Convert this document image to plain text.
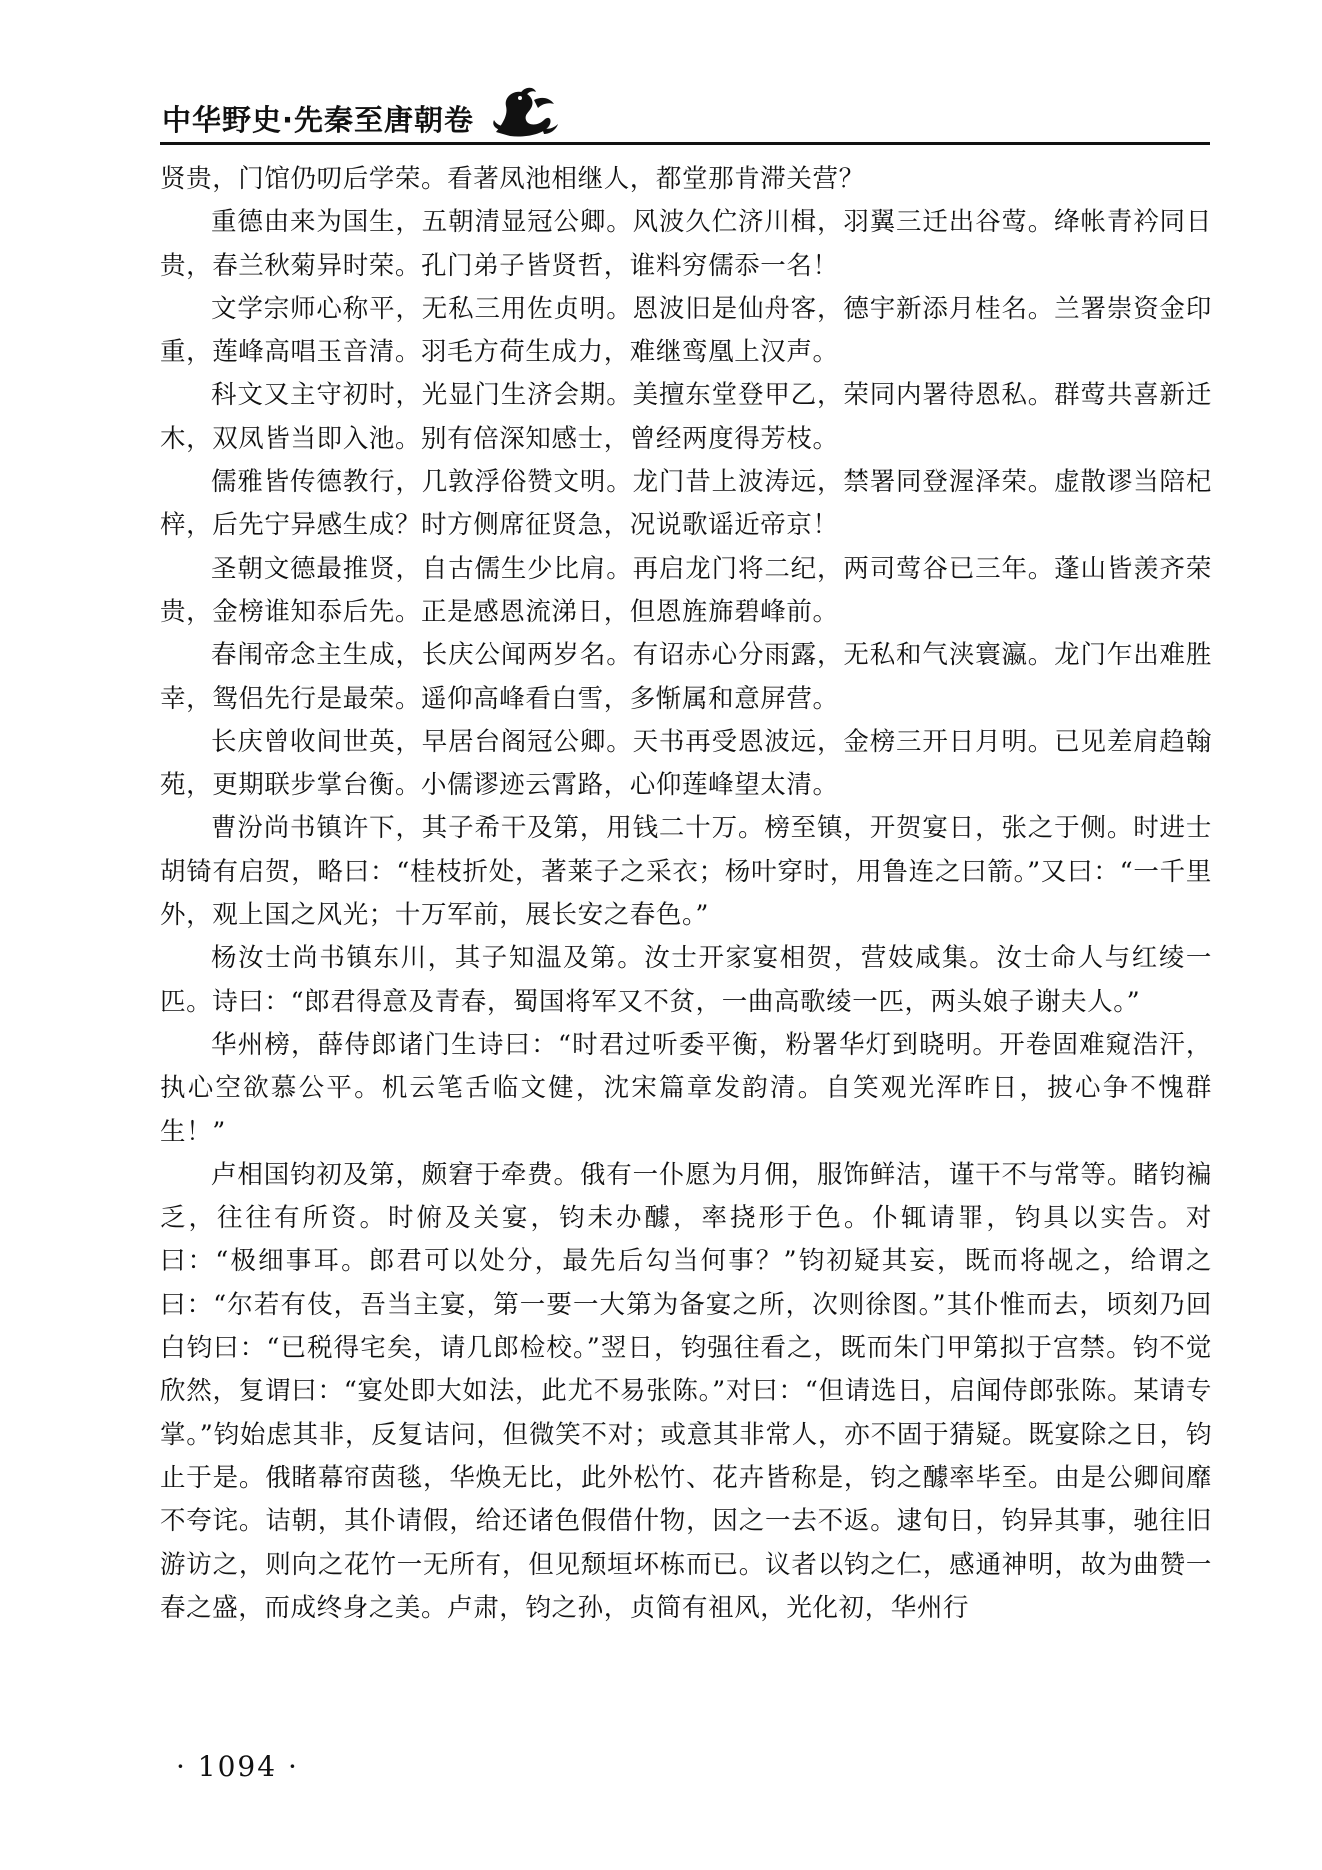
中华野史·先秦至唐朝卷

贤贵，门馆仍叨后学荣。看著凤池相继人，都堂那肯滞关营？

重德由来为国生，五朝清显冠公卿。风波久伫济川楫，羽翼三迁出谷莺。绛帐青衿同日贵，春兰秋菊异时荣。孔门弟子皆贤哲，谁料穷儒忝一名！

文学宗师心称平，无私三用佐贞明。恩波旧是仙舟客，德宇新添月桂名。兰署崇资金印重，莲峰高唱玉音清。羽毛方荷生成力，难继鸾凰上汉声。

科文又主守初时，光显门生济会期。美擅东堂登甲乙，荣同内署待恩私。群莺共喜新迁木，双凤皆当即入池。别有倍深知感士，曾经两度得芳枝。

儒雅皆传德教行，几敦浮俗赞文明。龙门昔上波涛远，禁署同登渥泽荣。虚散谬当陪杞梓，后先宁异感生成？时方侧席征贤急，况说歌谣近帝京！

圣朝文德最推贤，自古儒生少比肩。再启龙门将二纪，两司莺谷已三年。蓬山皆羡齐荣贵，金榜谁知忝后先。正是感恩流涕日，但恩旌旆碧峰前。

春闱帝念主生成，长庆公闻两岁名。有诏赤心分雨露，无私和气浃寰瀛。龙门乍出难胜幸，鸳侣先行是最荣。遥仰高峰看白雪，多惭属和意屏营。

长庆曾收间世英，早居台阁冠公卿。天书再受恩波远，金榜三开日月明。已见差肩趋翰苑，更期联步掌台衡。小儒谬迹云霄路，心仰莲峰望太清。

曹汾尚书镇许下，其子希干及第，用钱二十万。榜至镇，开贺宴日，张之于侧。时进士胡锜有启贺，略曰：“桂枝折处，著莱子之采衣；杨叶穿时，用鲁连之曰箭。”又曰：“一千里外，观上国之风光；十万军前，展长安之春色。”

杨汝士尚书镇东川，其子知温及第。汝士开家宴相贺，营妓咸集。汝士命人与红绫一匹。诗曰：“郎君得意及青春，蜀国将军又不贫，一曲高歌绫一匹，两头娘子谢夫人。”

华州榜，薛侍郎诸门生诗曰：“时君过听委平衡，粉署华灯到晓明。开卷固难窥浩汗，执心空欲慕公平。机云笔舌临文健，沈宋篇章发韵清。自笑观光浑昨日，披心争不愧群生！”

卢相国钧初及第，颇窘于牵费。俄有一仆愿为月佣，服饰鲜洁，谨干不与常等。睹钧褊乏，往往有所资。时俯及关宴，钧未办醵，率挠形于色。仆辄请罪，钧具以实告。对曰：“极细事耳。郎君可以处分，最先后勾当何事？”钧初疑其妄，既而将觇之，给谓之曰：“尔若有伎，吾当主宴，第一要一大第为备宴之所，次则徐图。”其仆惟而去，顷刻乃回白钧曰：“已税得宅矣，请几郎检校。”翌日，钧强往看之，既而朱门甲第拟于宫禁。钧不觉欣然，复谓曰：“宴处即大如法，此尤不易张陈。”对曰：“但请选日，启闻侍郎张陈。某请专掌。”钧始虑其非，反复诘问，但微笑不对；或意其非常人，亦不固于猜疑。既宴除之日，钧止于是。俄睹幕帘茵毯，华焕无比，此外松竹、花卉皆称是，钧之醵率毕至。由是公卿间靡不夸诧。诘朝，其仆请假，给还诸色假借什物，因之一去不返。逮旬日，钧异其事，驰往旧游访之，则向之花竹一无所有，但见颓垣坏栋而已。议者以钧之仁，感通神明，故为曲赞一春之盛，而成终身之美。卢肃，钧之孙，贞简有祖风，光化初，华州行

· 1094 ·
